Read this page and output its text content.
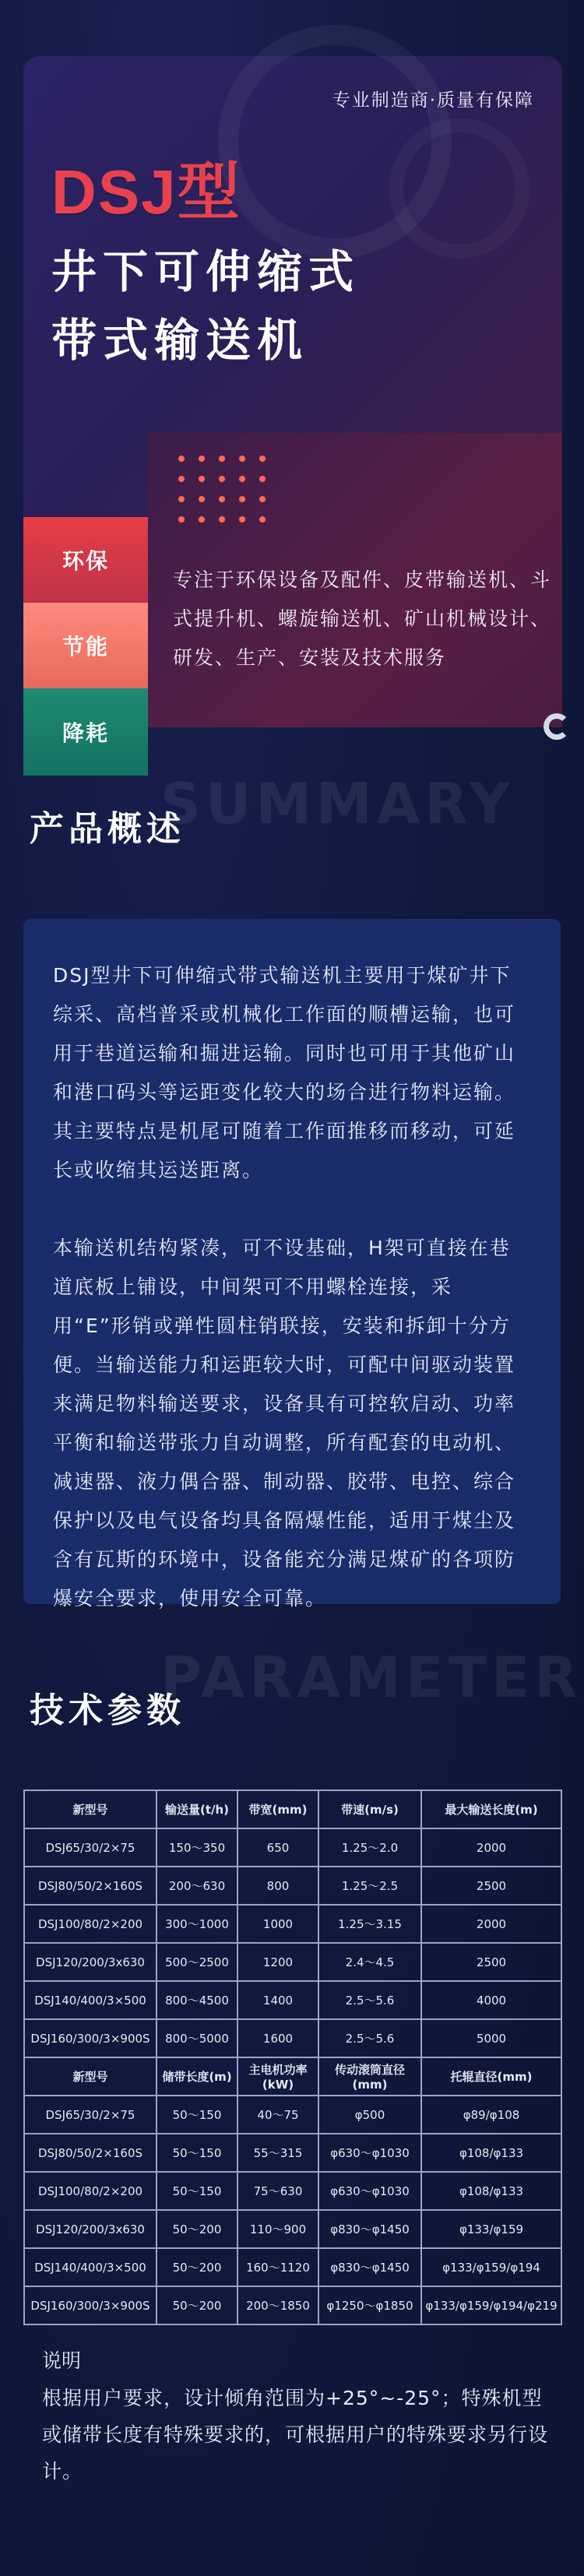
专业制造商·质量有保障
DSJ型
井下可伸缩式
带式输送机
专注于环保设备及配件、皮带输送机、斗式提升机、螺旋输送机、矿山机械设计、研发、生产、安装及技术服务
环保
节能
降耗
SUMMARY
产品概述

DSJ型井下可伸缩式带式输送机主要用于煤矿井下综采、高档普采或机械化工作面的顺槽运输，也可用于巷道运输和掘进运输。同时也可用于其他矿山和港口码头等运距变化较大的场合进行物料运输。其主要特点是机尾可随着工作面推移而移动，可延长或收缩其运送距离。

本输送机结构紧凑，可不设基础，H架可直接在巷道底板上铺设，中间架可不用螺栓连接，采用“E”形销或弹性圆柱销联接，安装和拆卸十分方便。当输送能力和运距较大时，可配中间驱动装置来满足物料输送要求，设备具有可控软启动、功率平衡和输送带张力自动调整，所有配套的电动机、减速器、液力偶合器、制动器、胶带、电控、综合保护以及电气设备均具备隔爆性能，适用于煤尘及含有瓦斯的环境中，设备能充分满足煤矿的各项防爆安全要求，使用安全可靠。

PARAMETER
技术参数
新型号	输送量(t/h)	带宽(mm)	带速(m/s)	最大输送长度(m)
DSJ65/30/2×75	150～350	650	1.25～2.0	2000
DSJ80/50/2×160S	200～630	800	1.25～2.5	2500
DSJ100/80/2×200	300～1000	1000	1.25～3.15	2000
DSJ120/200/3x630	500～2500	1200	2.4～4.5	2500
DSJ140/400/3×500	800～4500	1400	2.5～5.6	4000
DSJ160/300/3×900S	800～5000	1600	2.5～5.6	5000
新型号	储带长度(m)	主电机功率(kW)	传动滚筒直径(mm)	托辊直径(mm)
DSJ65/30/2×75	50～150	40～75	φ500	φ89/φ108
DSJ80/50/2×160S	50～150	55～315	φ630～φ1030	φ108/φ133
DSJ100/80/2×200	50～150	75～630	φ630～φ1030	φ108/φ133
DSJ120/200/3x630	50～200	110～900	φ830～φ1450	φ133/φ159
DSJ140/400/3×500	50～200	160～1120	φ830～φ1450	φ133/φ159/φ194
DSJ160/300/3×900S	50～200	200～1850	φ1250～φ1850	φ133/φ159/φ194/φ219
说明
根据用户要求，设计倾角范围为+25°~-25°；特殊机型或储带长度有特殊要求的，可根据用户的特殊要求另行设计。
